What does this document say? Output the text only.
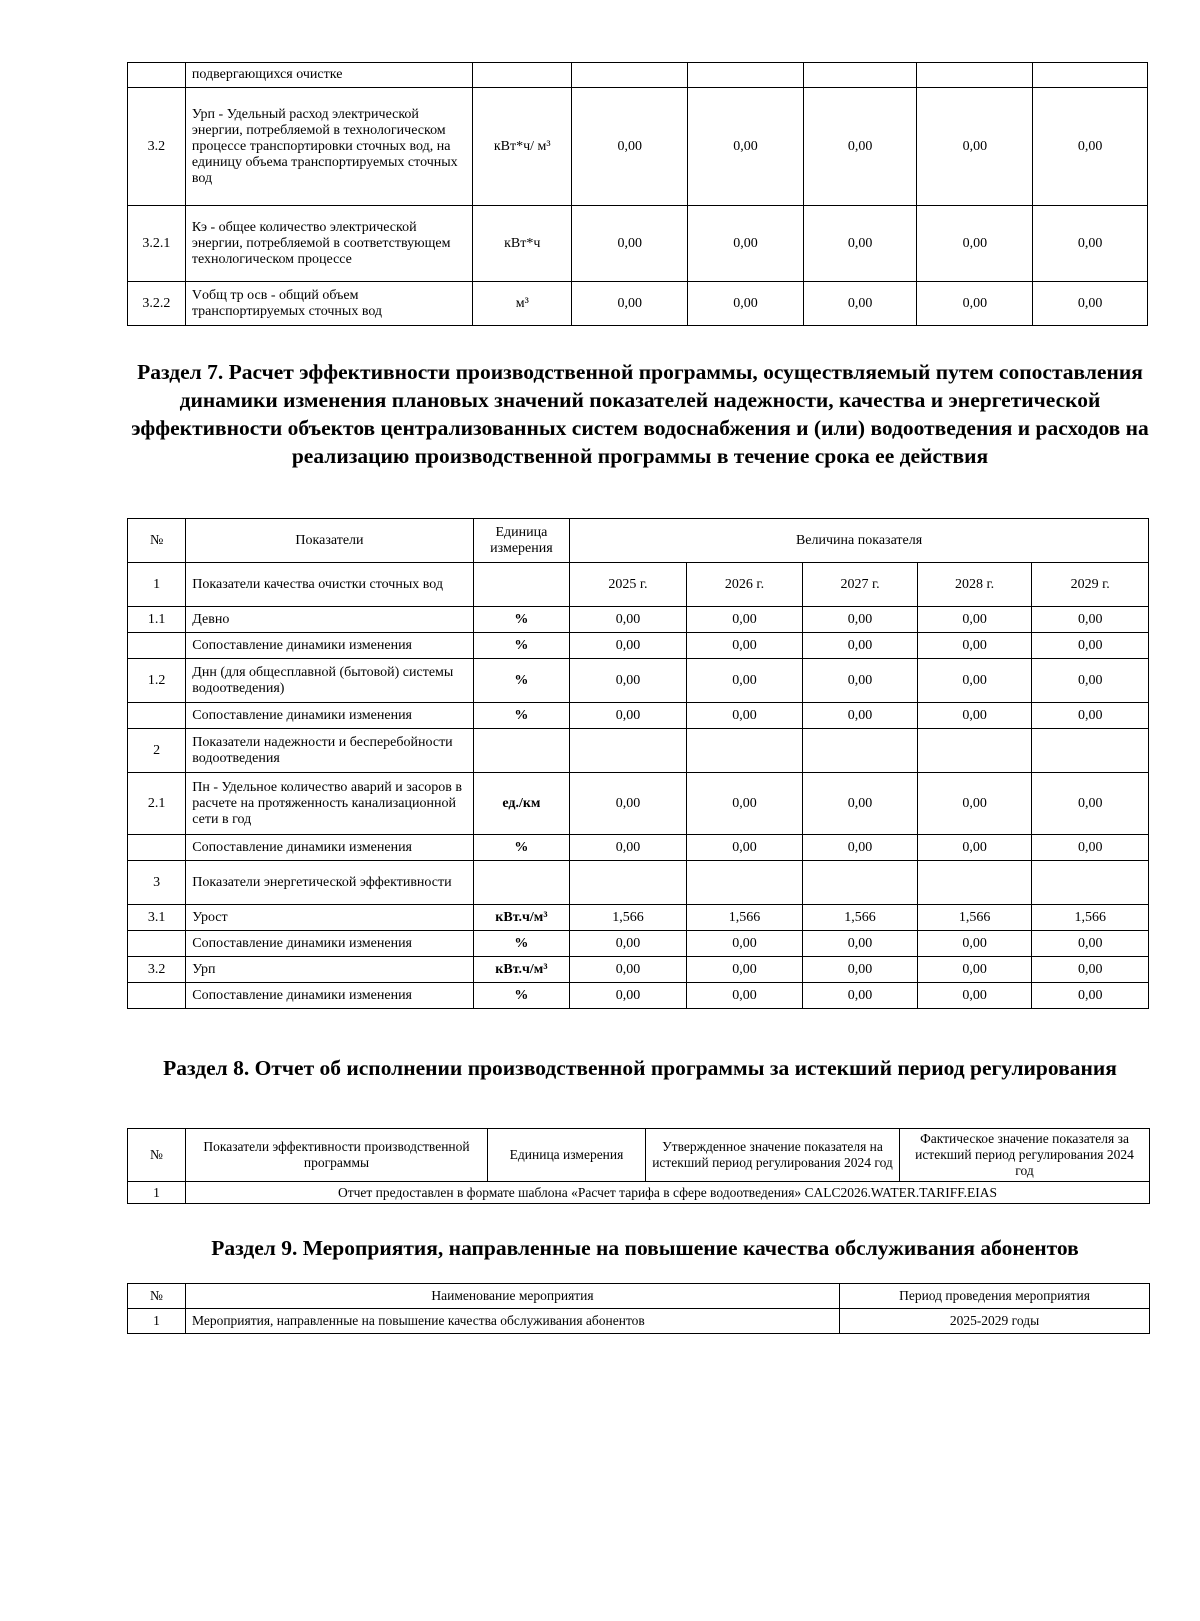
	подвергающихся очистке						
3.2	Урп - Удельный расход электрической энергии, потребляемой в технологическом процессе транспортировки сточных вод, на единицу объема транспортируемых сточных вод	кВт*ч/ м³	0,00	0,00	0,00	0,00	0,00
3.2.1	Кэ - общее количество электрической энергии, потребляемой в соответствующем технологическом процессе	кВт*ч	0,00	0,00	0,00	0,00	0,00
3.2.2	Vобщ тр осв - общий объем транспортируемых сточных вод	м³	0,00	0,00	0,00	0,00	0,00
Раздел 7. Расчет эффективности производственной программы, осуществляемый путем сопоставления динамики изменения плановых значений показателей надежности, качества и энергетической эффективности объектов централизованных систем водоснабжения и (или) водоотведения и расходов на реализацию производственной программы в течение срока ее действия
№	Показатели	Единица измерения	Величина показателя				
1	Показатели качества очистки сточных вод		2025 г.	2026 г.	2027 г.	2028 г.	2029 г.
1.1	Девно	%	0,00	0,00	0,00	0,00	0,00
	Сопоставление динамики изменения	%	0,00	0,00	0,00	0,00	0,00
1.2	Днн (для общесплавной (бытовой) системы водоотведения)	%	0,00	0,00	0,00	0,00	0,00
	Сопоставление динамики изменения	%	0,00	0,00	0,00	0,00	0,00
2	Показатели надежности и бесперебойности водоотведения						
2.1	Пн - Удельное количество аварий и засоров в расчете на протяженность канализационной сети в год	ед./км	0,00	0,00	0,00	0,00	0,00
	Сопоставление динамики изменения	%	0,00	0,00	0,00	0,00	0,00
3	Показатели энергетической эффективности						
3.1	Урост	кВт.ч/м³	1,566	1,566	1,566	1,566	1,566
	Сопоставление динамики изменения	%	0,00	0,00	0,00	0,00	0,00
3.2	Урп	кВт.ч/м³	0,00	0,00	0,00	0,00	0,00
	Сопоставление динамики изменения	%	0,00	0,00	0,00	0,00	0,00
Раздел 8. Отчет об исполнении производственной программы за истекший период регулирования
№	Показатели эффективности производственной программы	Единица измерения	Утвержденное значение показателя на истекший период регулирования 2024 год	Фактическое значение показателя за истекший период регулирования 2024 год
1	Отчет предоставлен в формате шаблона «Расчет тарифа в сфере водоотведения» CALC2026.WATER.TARIFF.EIAS			
Раздел 9. Мероприятия, направленные на повышение качества обслуживания абонентов
№	Наименование мероприятия	Период проведения мероприятия
1	Мероприятия, направленные на повышение качества обслуживания абонентов	2025-2029 годы
